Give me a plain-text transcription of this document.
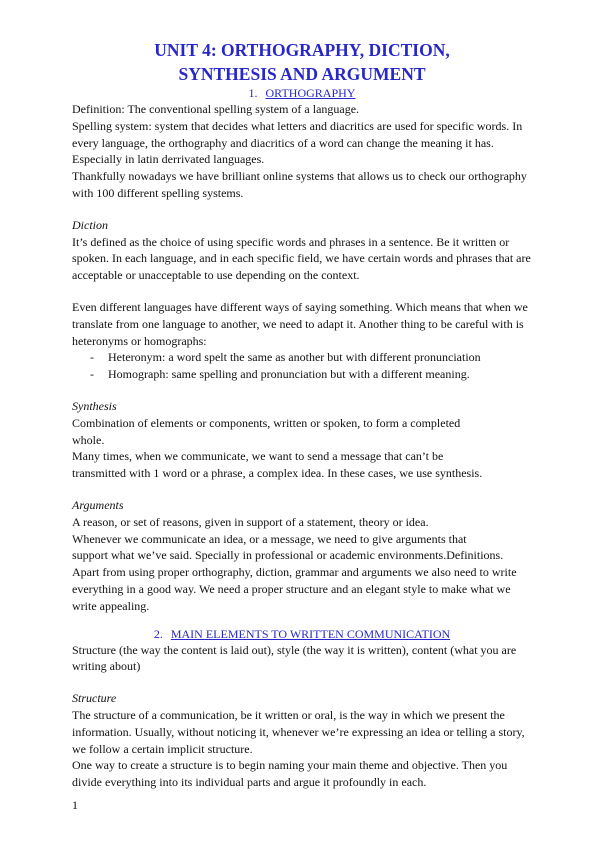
UNIT 4: ORTHOGRAPHY, DICTION,
SYNTHESIS AND ARGUMENT
1. ORTHOGRAPHY

Definition: The conventional spelling system of a language.

Spelling system: system that decides what letters and diacritics are used for specific words. In every language, the orthography and diacritics of a word can change the meaning it has. Especially in latin derrivated languages.

Thankfully nowadays we have brilliant online systems that allows us to check our orthography with 100 different spelling systems.

Diction

It’s defined as the choice of using specific words and phrases in a sentence. Be it written or spoken. In each language, and in each specific field, we have certain words and phrases that are acceptable or unacceptable to use depending on the context.

Even different languages have different ways of saying something. Which means that when we translate from one language to another, we need to adapt it. Another thing to be careful with is heteronyms or homographs:

- Heteronym: a word spelt the same as another but with different pronunciation
- Homograph: same spelling and pronunciation but with a different meaning.

Synthesis

Combination of elements or components, written or spoken, to form a completed

whole.

Many times, when we communicate, we want to send a message that can’t be

transmitted with 1 word or a phrase, a complex idea. In these cases, we use synthesis.

Arguments

A reason, or set of reasons, given in support of a statement, theory or idea.

Whenever we communicate an idea, or a message, we need to give arguments that

support what we’ve said. Specially in professional or academic environments.Definitions.

Apart from using proper orthography, diction, grammar and arguments we also need to write everything in a good way. We need a proper structure and an elegant style to make what we write appealing.

2. MAIN ELEMENTS TO WRITTEN COMMUNICATION

Structure (the way the content is laid out), style (the way it is written), content (what you are writing about)

Structure

The structure of a communication, be it written or oral, is the way in which we present the information. Usually, without noticing it, whenever we’re expressing an idea or telling a story, we follow a certain implicit structure.

One way to create a structure is to begin naming your main theme and objective. Then you divide everything into its individual parts and argue it profoundly in each.

1
